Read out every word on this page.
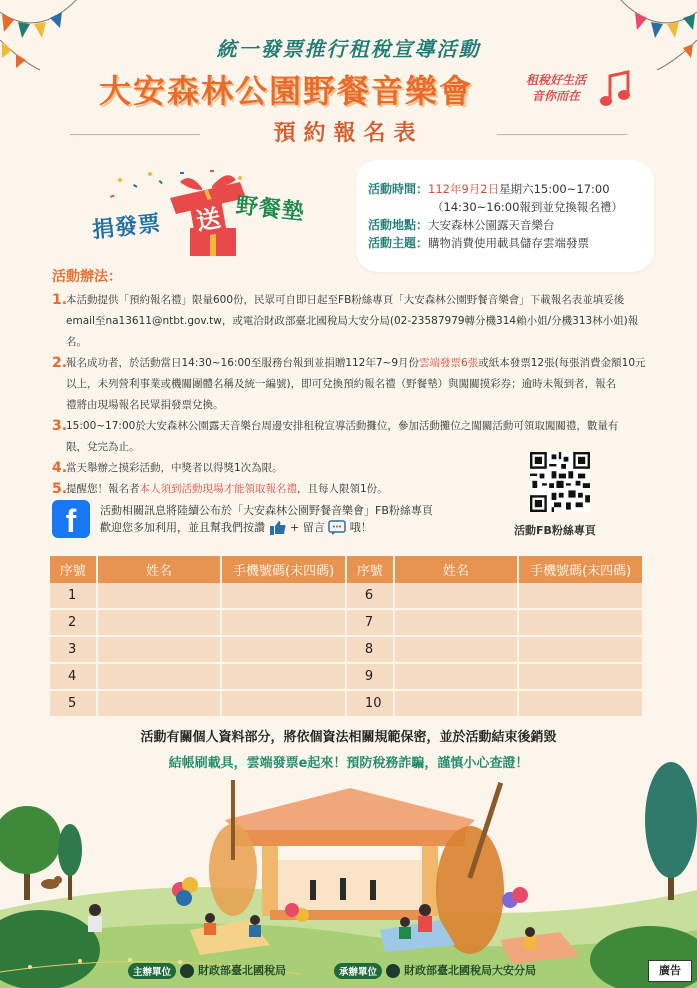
統一發票推行租稅宣導活動
大安森林公園野餐音樂會	租稅好生活
音你而在
預約報名表
捐發票 送 野餐墊
活動時間：112年9月2日星期六15:00~17:00
（14:30~16:00報到並兌換報名禮）
活動地點：大安森林公園露天音樂台
活動主題：購物消費使用載具儲存雲端發票
活動辦法：
1.
本活動提供「預約報名禮」限量600份，民眾可自即日起至FB粉絲專頁「大安森林公園野餐音樂會」下載報名表並填妥後
email至na13611@ntbt.gov.tw，或電洽財政部臺北國稅局大安分局(02-23587979轉分機314賴小姐/分機313林小姐)報名。
2.
報名成功者，於活動當日14:30~16:00至服務台報到並捐贈112年7~9月份雲端發票6張或紙本發票12張(每張消費金額10元
以上，未列營利事業或機關團體名稱及統一編號)，即可兌換預約報名禮（野餐墊）與闖關摸彩券；逾時未報到者，報名
禮將由現場報名民眾捐發票兌換。
3.
15:00~17:00於大安森林公園露天音樂台周邊安排租稅宣導活動攤位，參加活動攤位之闖關活動可領取闖關禮，數量有
限，兌完為止。
4.
當天舉辦之摸彩活動，中獎者以得獎1次為限。
5.
提醒您！報名者本人須到活動現場才能領取報名禮，且每人限領1份。
f	活動相關訊息將陸續公布於「大安森林公園野餐音樂會」FB粉絲專頁
歡迎您多加利用，並且幫我們按讚 + 留言 哦！	活動FB粉絲專頁
序號	姓名	手機號碼(末四碼)	序號	姓名	手機號碼(末四碼)
1			6		
2			7		
3			8		
4			9		
5			10		
活動有關個人資料部分，將依個資法相關規範保密，並於活動結束後銷毀
結帳刷載具，雲端發票e起來！預防稅務詐騙，謹慎小心查證！
主辦單位 財政部臺北國稅局	承辦單位 財政部臺北國稅局大安分局	廣告
